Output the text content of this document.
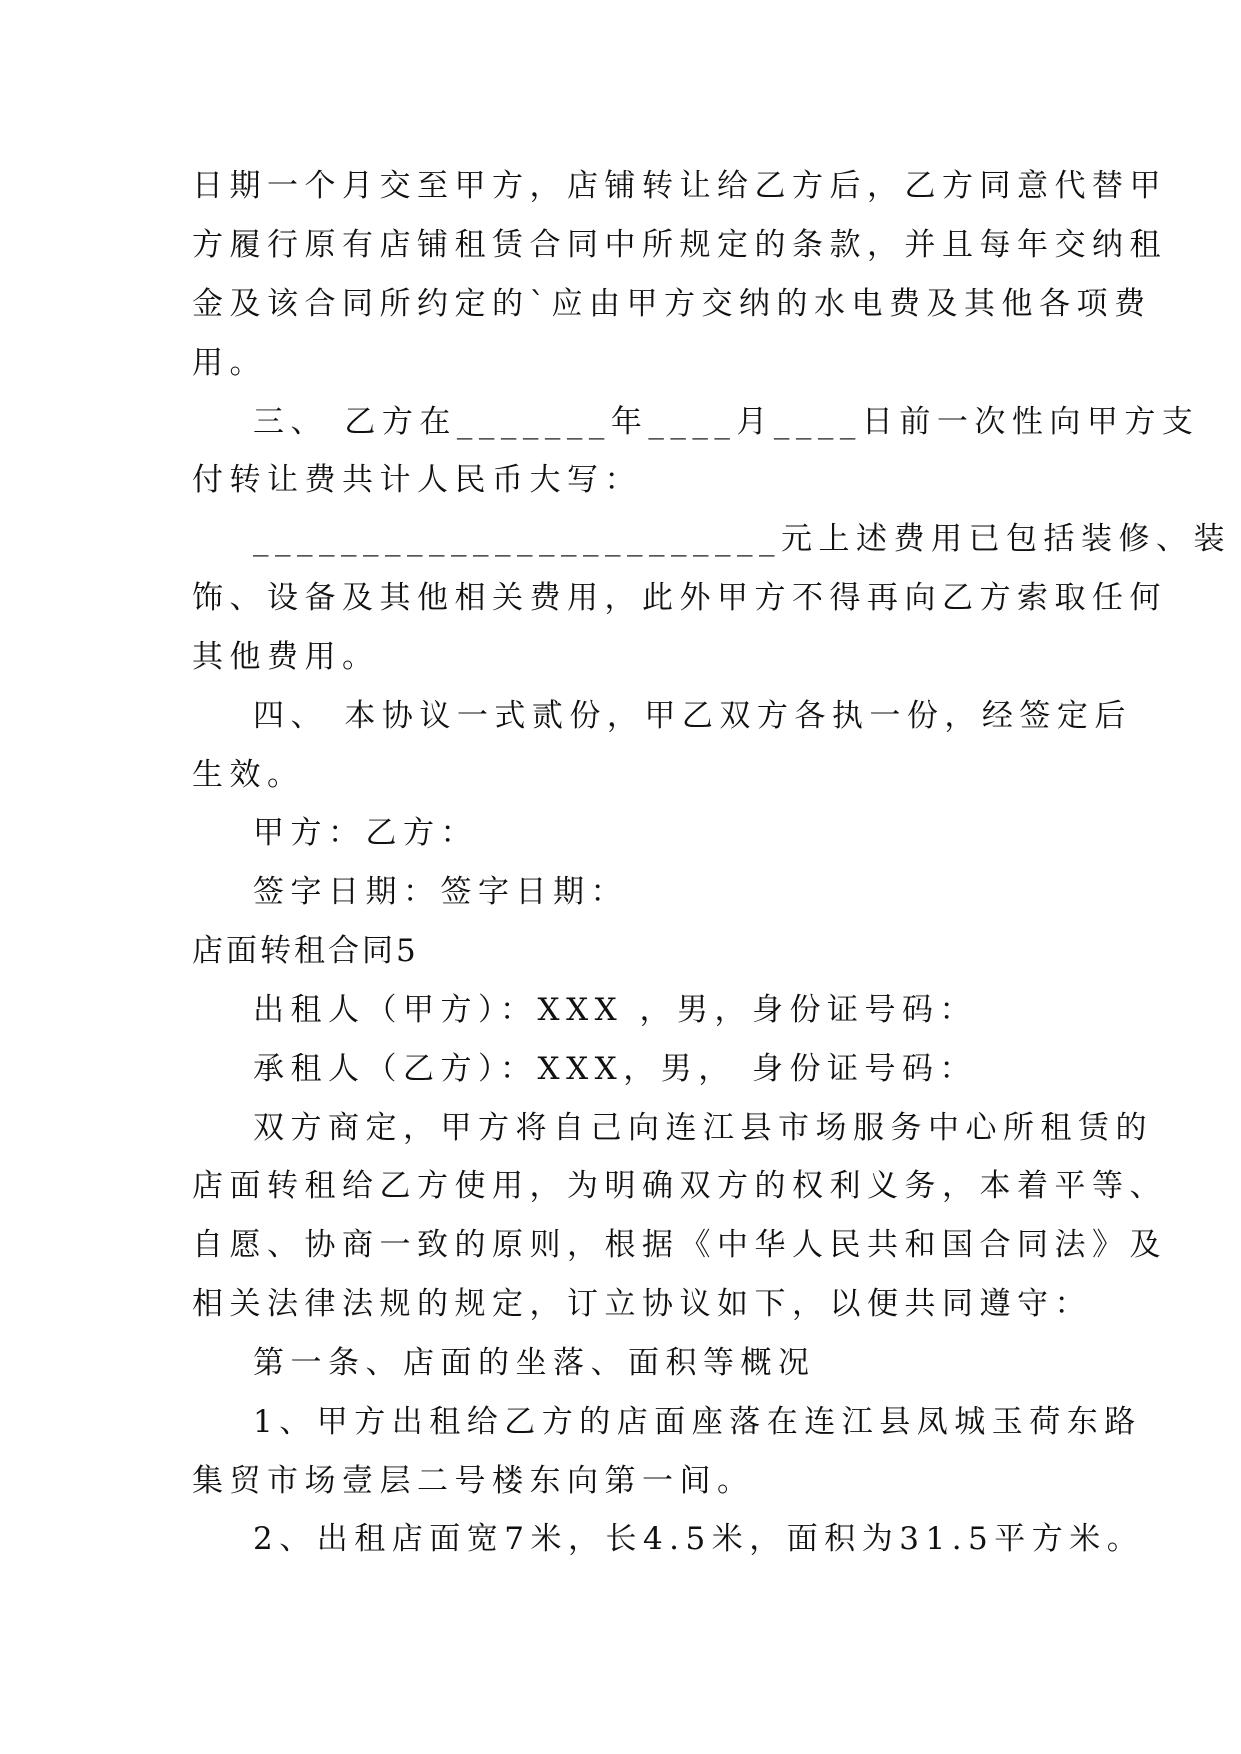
日期一个月交至甲方，店铺转让给乙方后，乙方同意代替甲
方履行原有店铺租赁合同中所规定的条款，并且每年交纳租
金及该合同所约定的`应由甲方交纳的水电费及其他各项费
用。
三、 乙方在_______年____月____日前一次性向甲方支
付转让费共计人民币大写：
________________________元上述费用已包括装修、装
饰、设备及其他相关费用，此外甲方不得再向乙方索取任何
其他费用。
四、 本协议一式贰份，甲乙双方各执一份，经签定后
生效。
甲方：乙方：
签字日期：签字日期：
店面转租合同5
出租人（甲方）：XXX ，男，身份证号码：
承租人（乙方）：XXX，男， 身份证号码：
双方商定，甲方将自己向连江县市场服务中心所租赁的
店面转租给乙方使用，为明确双方的权利义务，本着平等、
自愿、协商一致的原则，根据《中华人民共和国合同法》及
相关法律法规的规定，订立协议如下，以便共同遵守：
第一条、店面的坐落、面积等概况
1、甲方出租给乙方的店面座落在连江县凤城玉荷东路
集贸市场壹层二号楼东向第一间。
2、出租店面宽7米，长4.5米，面积为31.5平方米。
